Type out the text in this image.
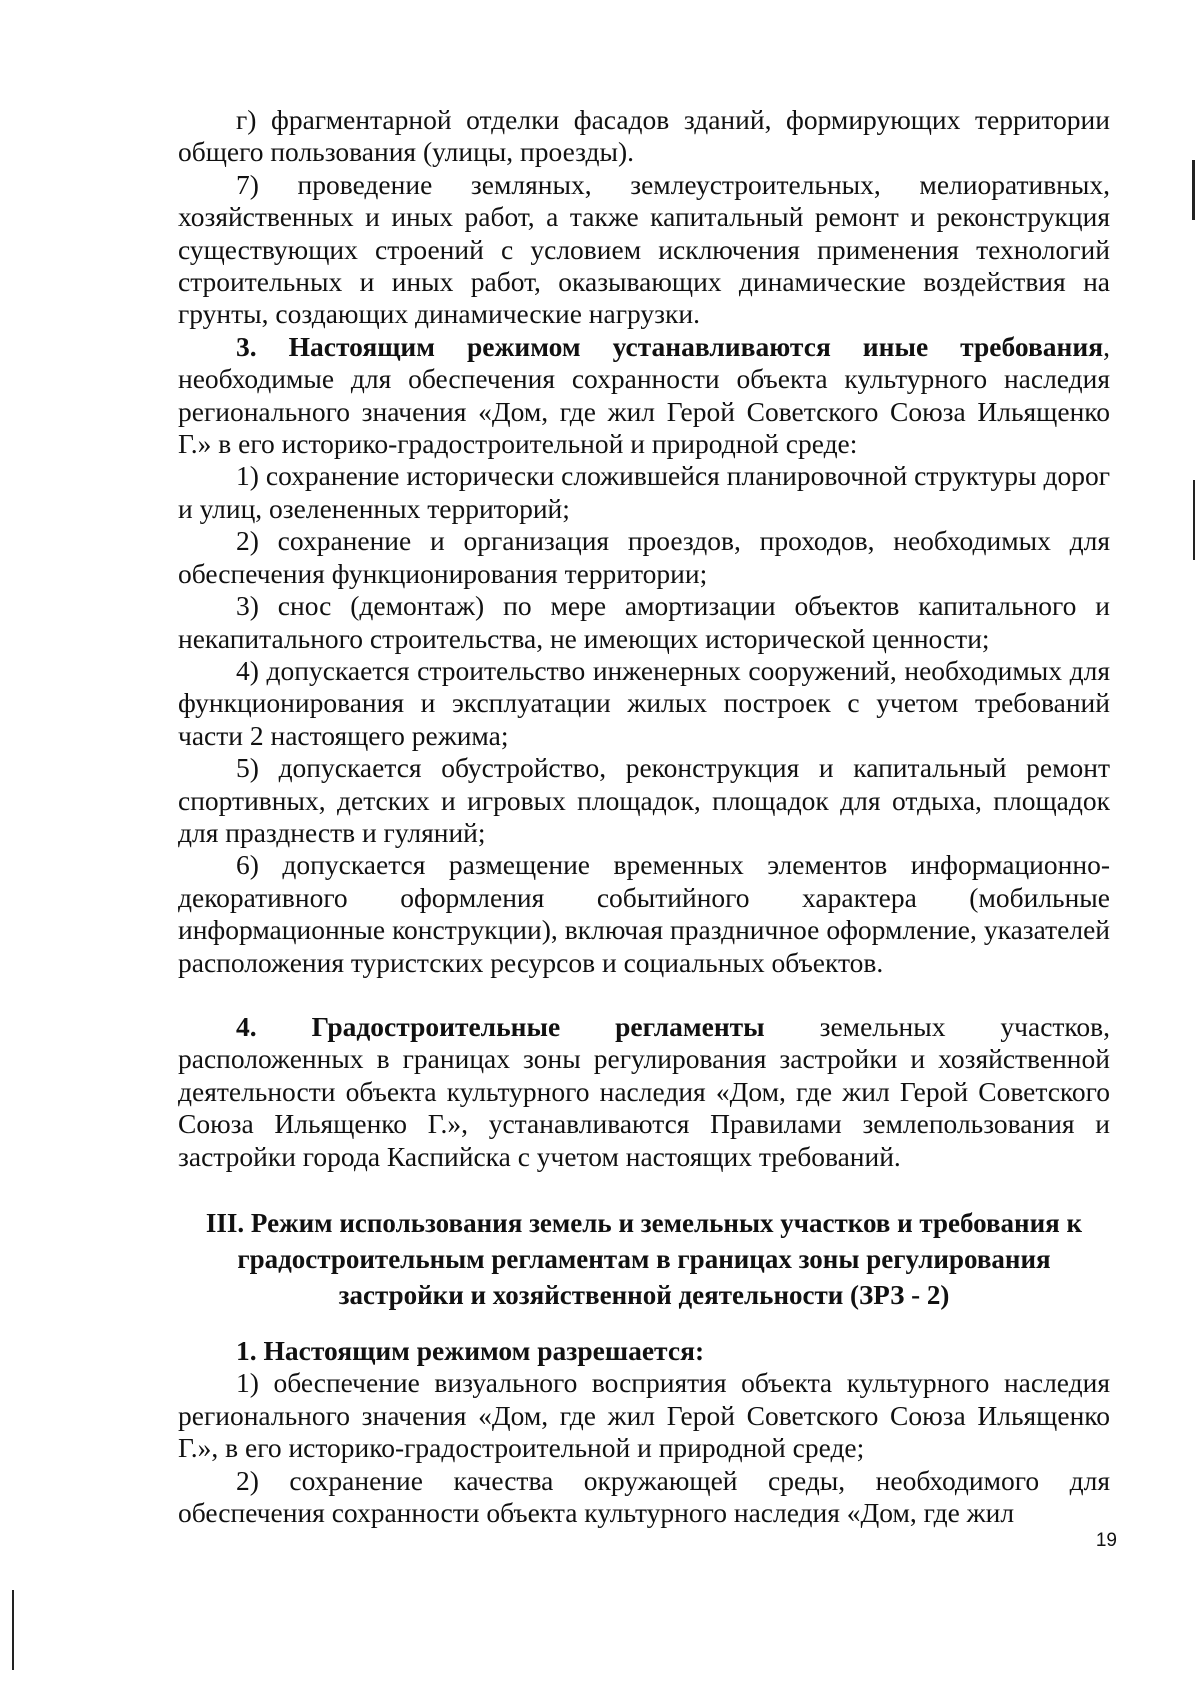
г) фрагментарной отделки фасадов зданий, формирующих территории общего пользования (улицы, проезды).

7) проведение земляных, землеустроительных, мелиоративных, хозяйственных и иных работ, а также капитальный ремонт и реконструкция существующих строений с условием исключения применения технологий строительных и иных работ, оказывающих динамические воздействия на грунты, создающих динамические нагрузки.

3. Настоящим режимом устанавливаются иные требования, необходимые для обеспечения сохранности объекта культурного наследия регионального значения «Дом, где жил Герой Советского Союза Ильященко Г.» в его историко-градостроительной и природной среде:

1) сохранение исторически сложившейся планировочной структуры дорог и улиц, озелененных территорий;

2) сохранение и организация проездов, проходов, необходимых для обеспечения функционирования территории;

3) снос (демонтаж) по мере амортизации объектов капитального и некапитального строительства, не имеющих исторической ценности;

4) допускается строительство инженерных сооружений, необходимых для функционирования и эксплуатации жилых построек с учетом требований части 2 настоящего режима;

5) допускается обустройство, реконструкция и капитальный ремонт спортивных, детских и игровых площадок, площадок для отдыха, площадок для празднеств и гуляний;

6) допускается размещение временных элементов информационно-декоративного оформления событийного характера (мобильные информационные конструкции), включая праздничное оформление, указателей расположения туристских ресурсов и социальных объектов.

4. Градостроительные регламенты земельных участков, расположенных в границах зоны регулирования застройки и хозяйственной деятельности объекта культурного наследия «Дом, где жил Герой Советского Союза Ильященко Г.», устанавливаются Правилами землепользования и застройки города Каспийска с учетом настоящих требований.

III. Режим использования земель и земельных участков и требования к градостроительным регламентам в границах зоны регулирования застройки и хозяйственной деятельности (ЗРЗ - 2)

1. Настоящим режимом разрешается:

1) обеспечение визуального восприятия объекта культурного наследия регионального значения «Дом, где жил Герой Советского Союза Ильященко Г.», в его историко-градостроительной и природной среде;

2) сохранение качества окружающей среды, необходимого для обеспечения сохранности объекта культурного наследия «Дом, где жил

19
